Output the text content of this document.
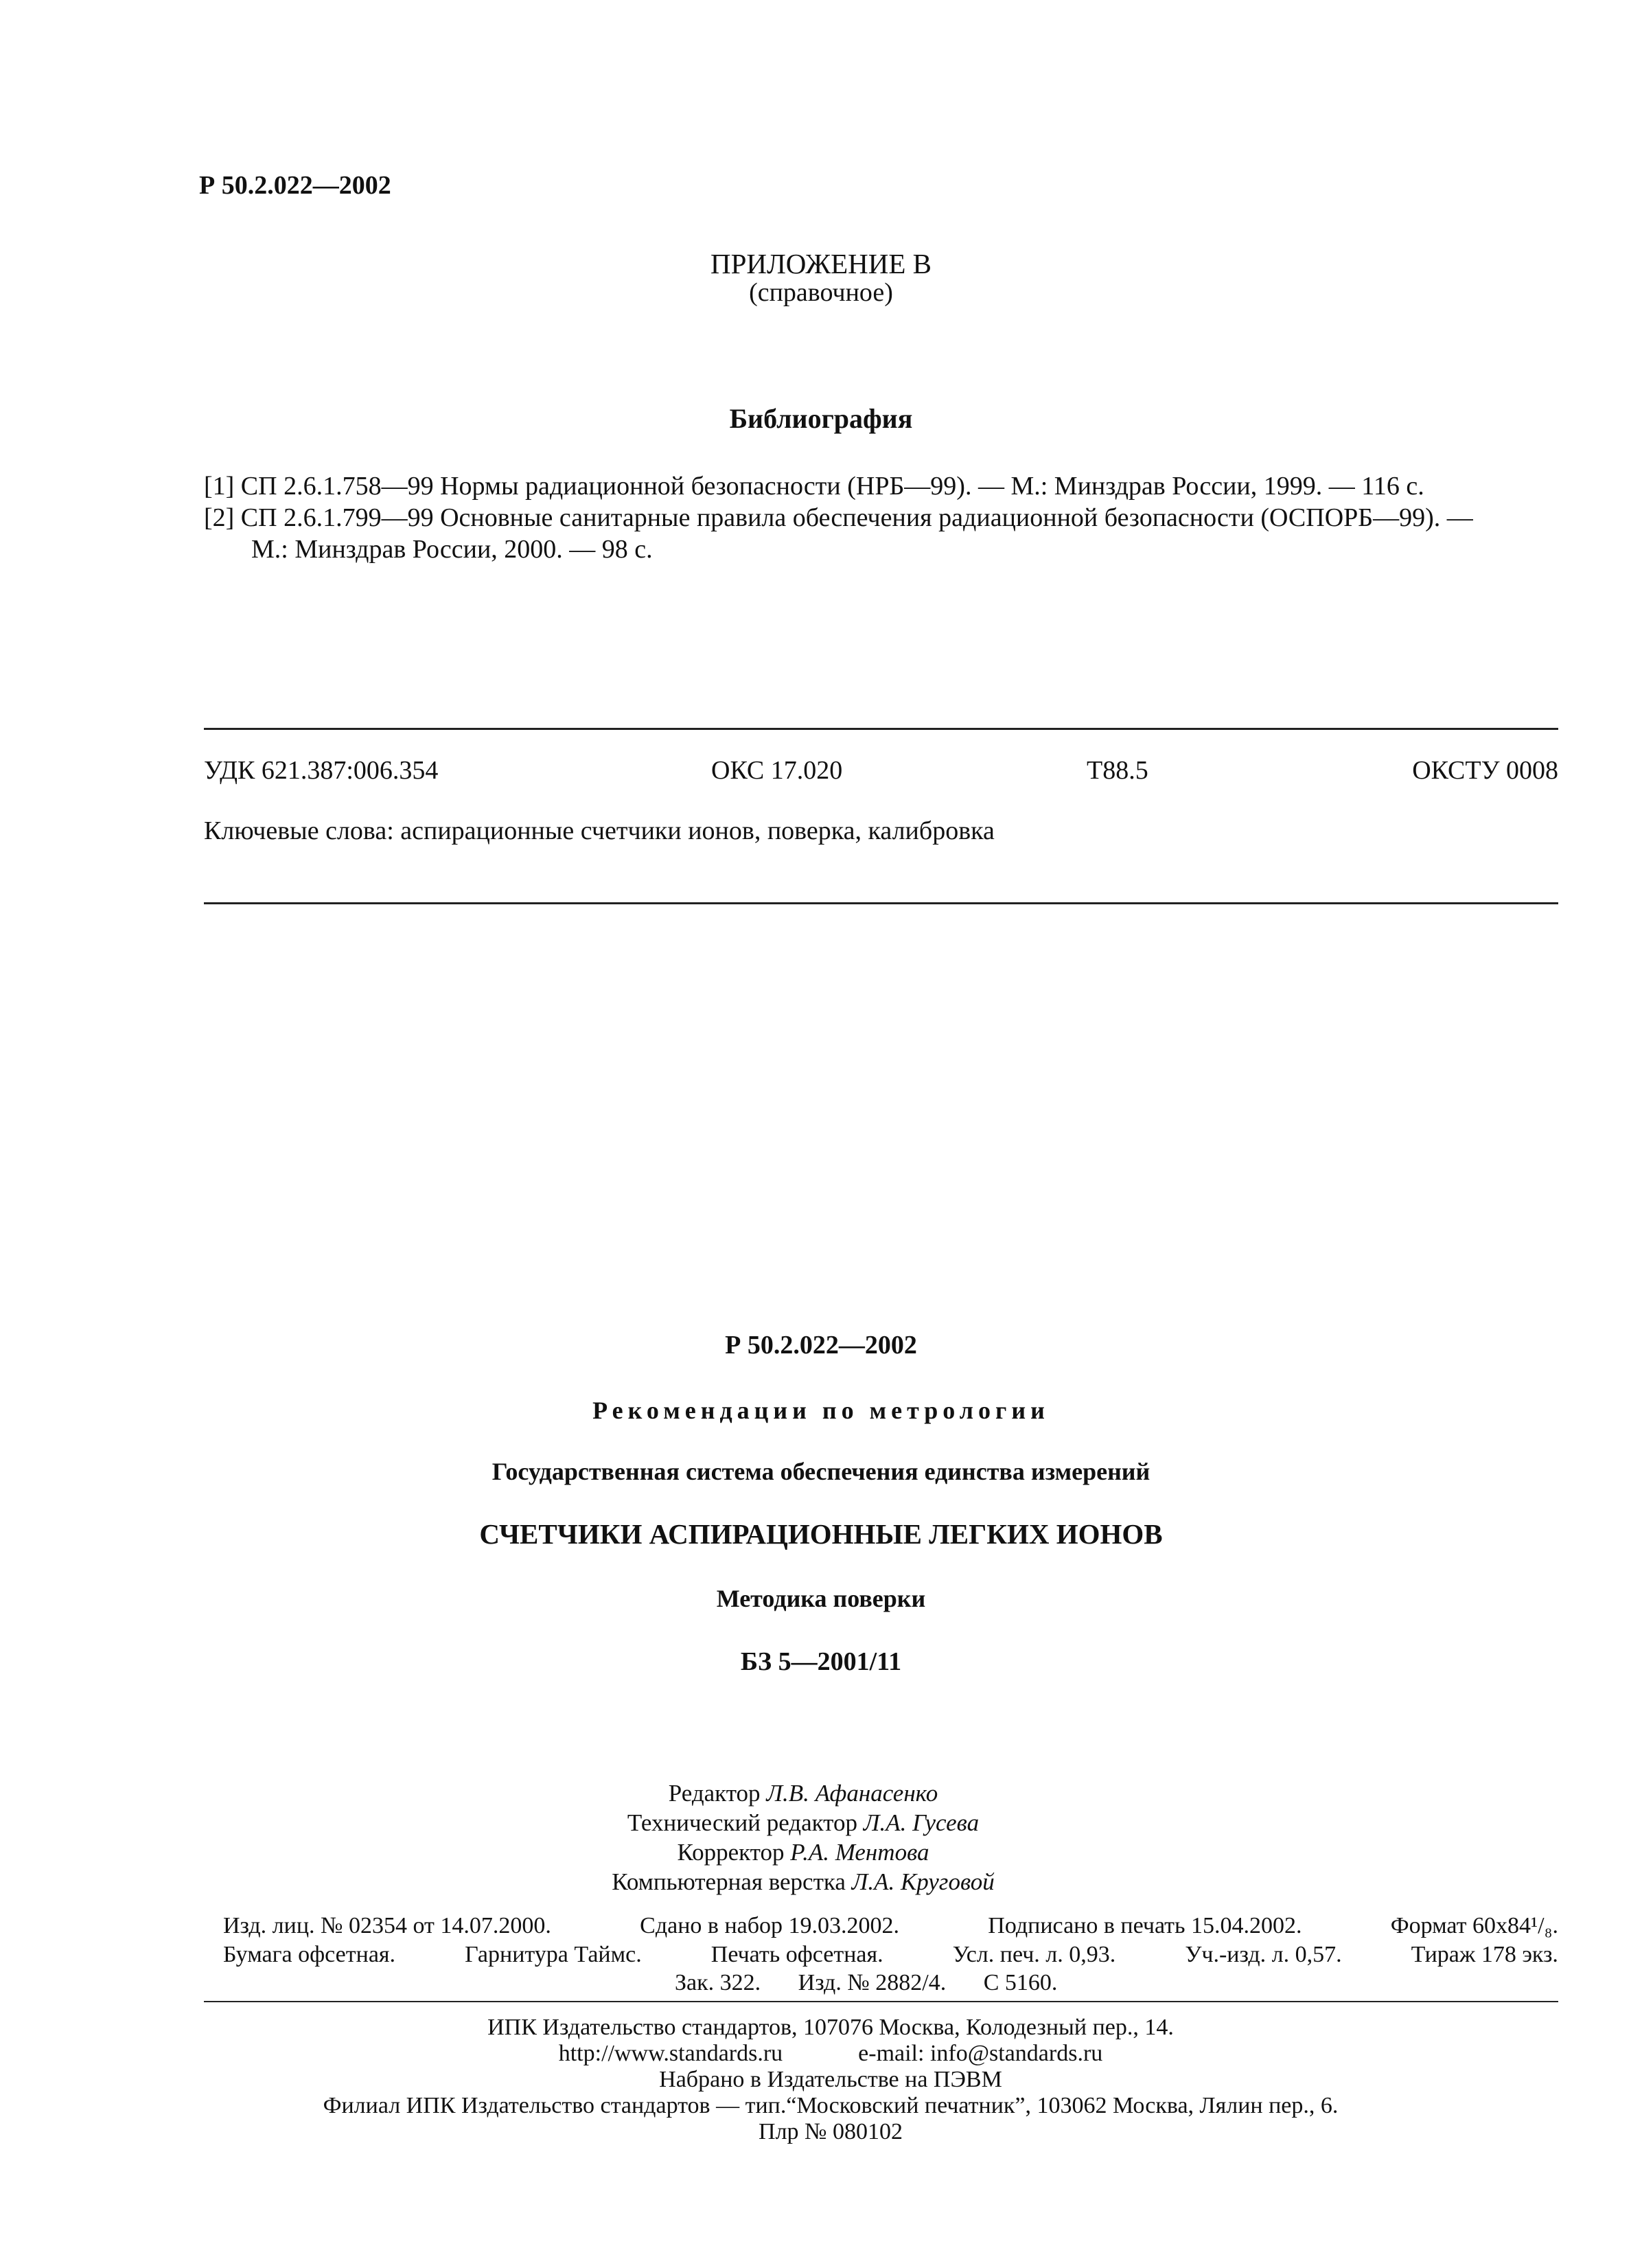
Р 50.2.022—2002
ПРИЛОЖЕНИЕ В
(справочное)
Библиография
[1] СП 2.6.1.758—99 Нормы радиационной безопасности (НРБ—99). — М.: Минздрав России, 1999. — 116 с.
[2] СП 2.6.1.799—99 Основные санитарные правила обеспечения радиационной безопасности (ОСПОРБ—99). —
М.: Минздрав России, 2000. — 98 с.
УДК 621.387:006.354	ОКС 17.020	Т88.5	ОКСТУ 0008
Ключевые слова: аспирационные счетчики ионов, поверка, калибровка
Р 50.2.022—2002
Рекомендации по метрологии
Государственная система обеспечения единства измерений
СЧЕТЧИКИ АСПИРАЦИОННЫЕ ЛЕГКИХ ИОНОВ
Методика поверки
БЗ 5—2001/11
Редактор Л.В. Афанасенко
Технический редактор Л.А. Гусева
Корректор Р.А. Ментова
Компьютерная верстка Л.А. Круговой
Изд. лиц. № 02354 от 14.07.2000.	Сдано в набор 19.03.2002.	Подписано в печать 15.04.2002.	Формат 60х84¹/₈.
Бумага офсетная.	Гарнитура Таймс.	Печать офсетная.	Усл. печ. л. 0,93.	Уч.-изд. л. 0,57.	Тираж 178 экз.
Зак. 322. Изд. № 2882/4. С 5160.
ИПК Издательство стандартов, 107076 Москва, Колодезный пер., 14.
http://www.standards.ru	e-mail: info@standards.ru
Набрано в Издательстве на ПЭВМ
Филиал ИПК Издательство стандартов — тип.“Московский печатник”, 103062 Москва, Лялин пер., 6.
Плр № 080102
